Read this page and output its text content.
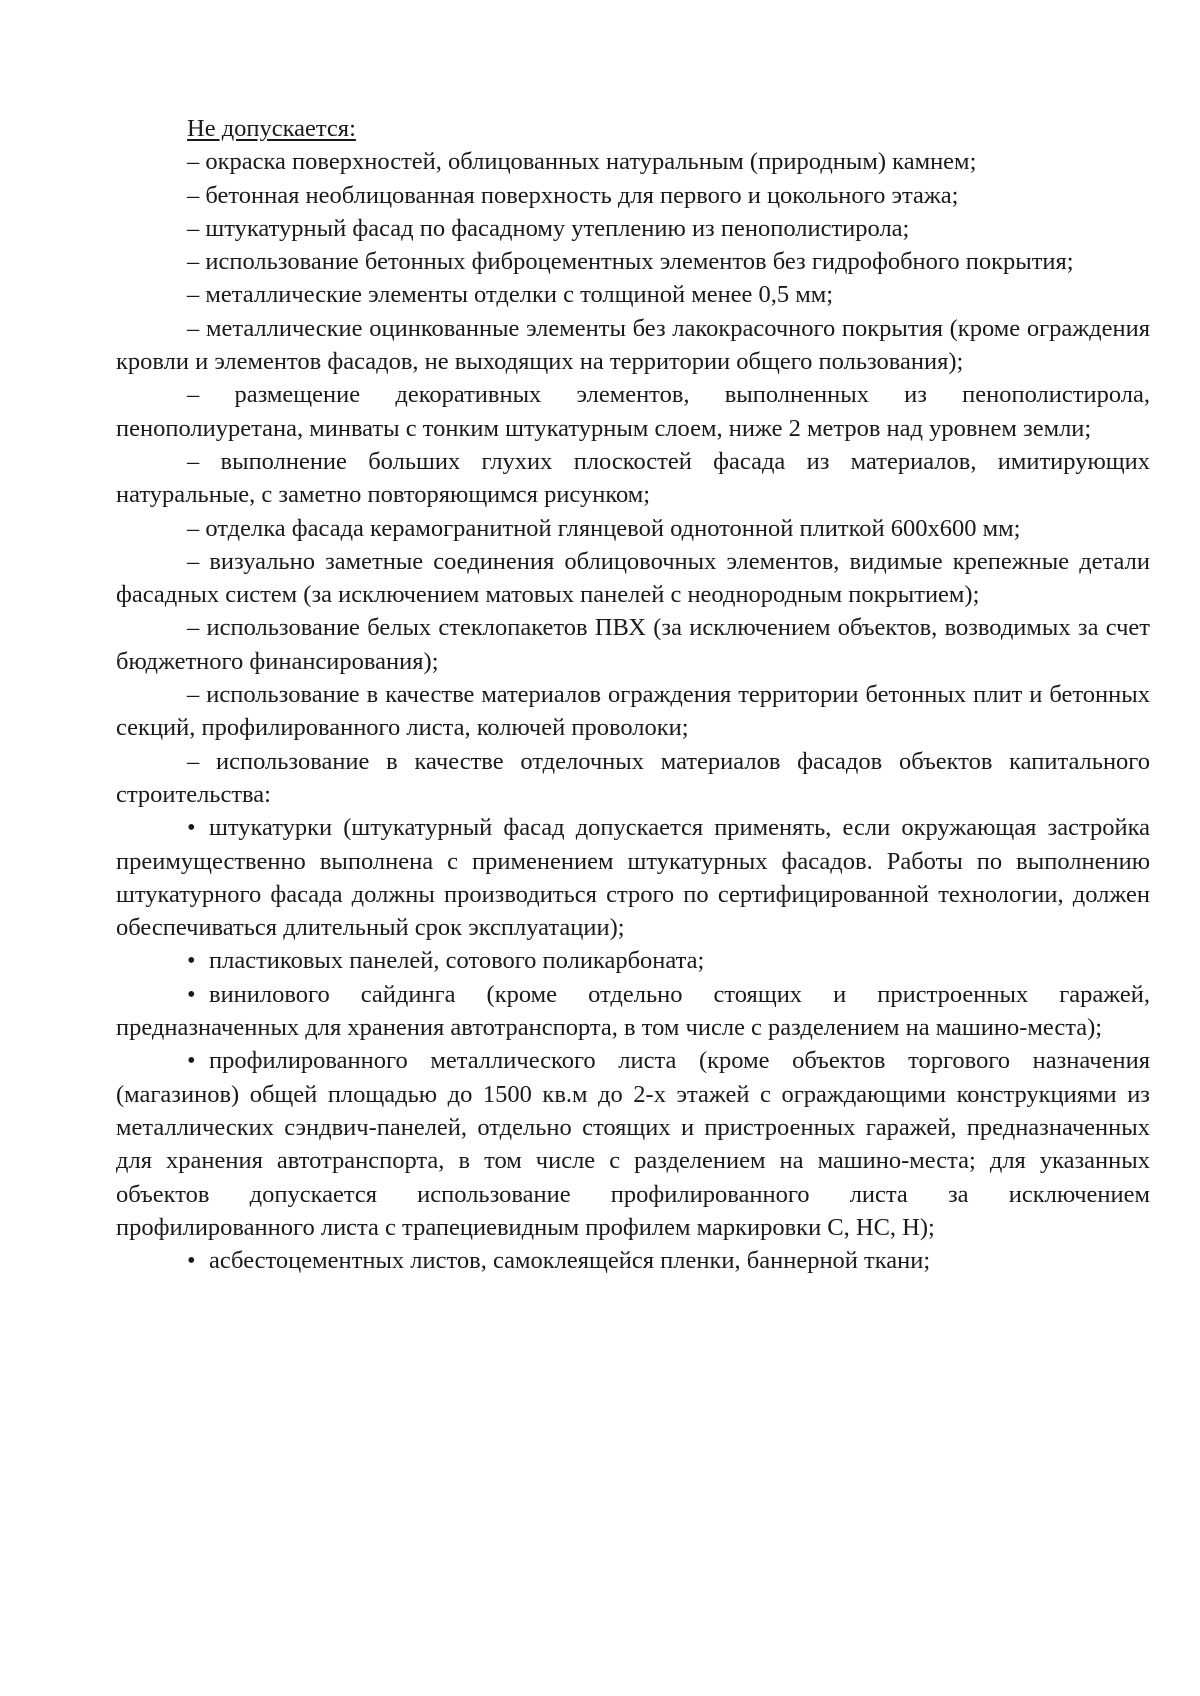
Не допускается:

– окраска поверхностей, облицованных натуральным (природным) камнем;

– бетонная необлицованная поверхность для первого и цокольного этажа;

– штукатурный фасад по фасадному утеплению из пенополистирола;

– использование бетонных фиброцементных элементов без гидрофобного покрытия;

– металлические элементы отделки с толщиной менее 0,5 мм;

– металлические оцинкованные элементы без лакокрасочного покрытия (кроме ограждения кровли и элементов фасадов, не выходящих на территории общего пользования);

– размещение декоративных элементов, выполненных из пенополистирола, пенополиуретана, минваты с тонким штукатурным слоем, ниже 2 метров над уровнем земли;

– выполнение больших глухих плоскостей фасада из материалов, имитирующих натуральные, с заметно повторяющимся рисунком;

– отделка фасада керамогранитной глянцевой однотонной плиткой 600х600 мм;

– визуально заметные соединения облицовочных элементов, видимые крепежные детали фасадных систем (за исключением матовых панелей с неоднородным покрытием);

– использование белых стеклопакетов ПВХ (за исключением объектов, возводимых за счет бюджетного финансирования);

– использование в качестве материалов ограждения территории бетонных плит и бетонных секций, профилированного листа, колючей проволоки;

– использование в качестве отделочных материалов фасадов объектов капитального строительства:

• штукатурки (штукатурный фасад допускается применять, если окружающая застройка преимущественно выполнена с применением штукатурных фасадов. Работы по выполнению штукатурного фасада должны производиться строго по сертифицированной технологии, должен обеспечиваться длительный срок эксплуатации);

• пластиковых панелей, сотового поликарбоната;

• винилового сайдинга (кроме отдельно стоящих и пристроенных гаражей, предназначенных для хранения автотранспорта, в том числе с разделением на машино-места);

• профилированного металлического листа (кроме объектов торгового назначения (магазинов) общей площадью до 1500 кв.м до 2-х этажей с ограждающими конструкциями из металлических сэндвич-панелей, отдельно стоящих и пристроенных гаражей, предназначенных для хранения автотранспорта, в том числе с разделением на машино-места; для указанных объектов допускается использование профилированного листа за исключением профилированного листа с трапециевидным профилем маркировки С, НС, Н);

• асбестоцементных листов, самоклеящейся пленки, баннерной ткани;
